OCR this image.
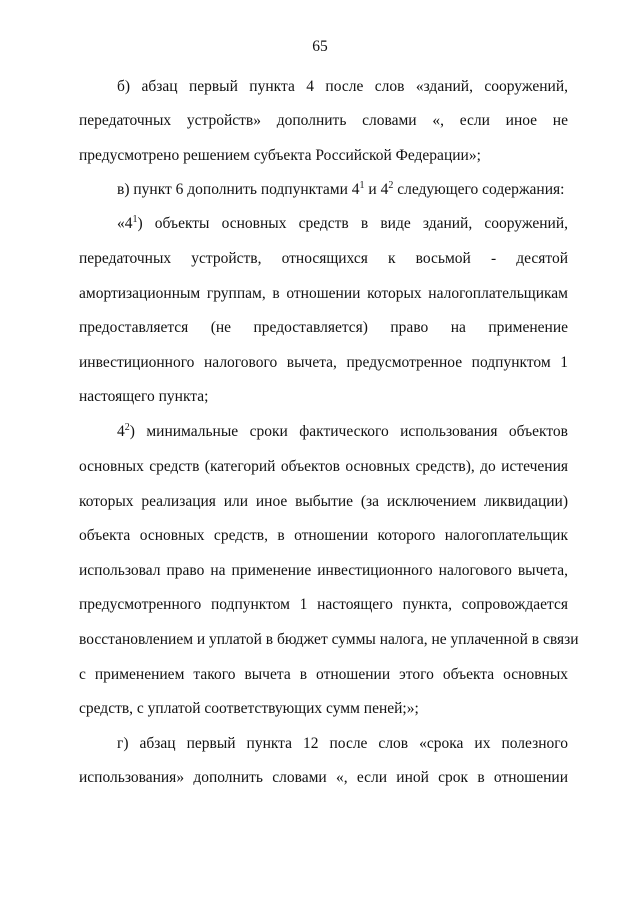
65
б) абзац первый пункта 4 после слов «зданий, сооружений,
передаточных устройств» дополнить словами «, если иное не
предусмотрено решением субъекта Российской Федерации»;
в) пункт 6 дополнить подпунктами $4^1$ и $4^2$ следующего содержания:
«$4^1$) объекты основных средств в виде зданий, сооружений,
передаточных устройств, относящихся к восьмой - десятой
амортизационным группам, в отношении которых налогоплательщикам
предоставляется (не предоставляется) право на применение
инвестиционного налогового вычета, предусмотренное подпунктом 1
настоящего пункта;
$4^2$) минимальные сроки фактического использования объектов
основных средств (категорий объектов основных средств), до истечения
которых реализация или иное выбытие (за исключением ликвидации)
объекта основных средств, в отношении которого налогоплательщик
использовал право на применение инвестиционного налогового вычета,
предусмотренного подпунктом 1 настоящего пункта, сопровождается
восстановлением и уплатой в бюджет суммы налога, не уплаченной в связи
с применением такого вычета в отношении этого объекта основных
средств, с уплатой соответствующих сумм пеней;»;
г) абзац первый пункта 12 после слов «срока их полезного
использования» дополнить словами «, если иной срок в отношении
